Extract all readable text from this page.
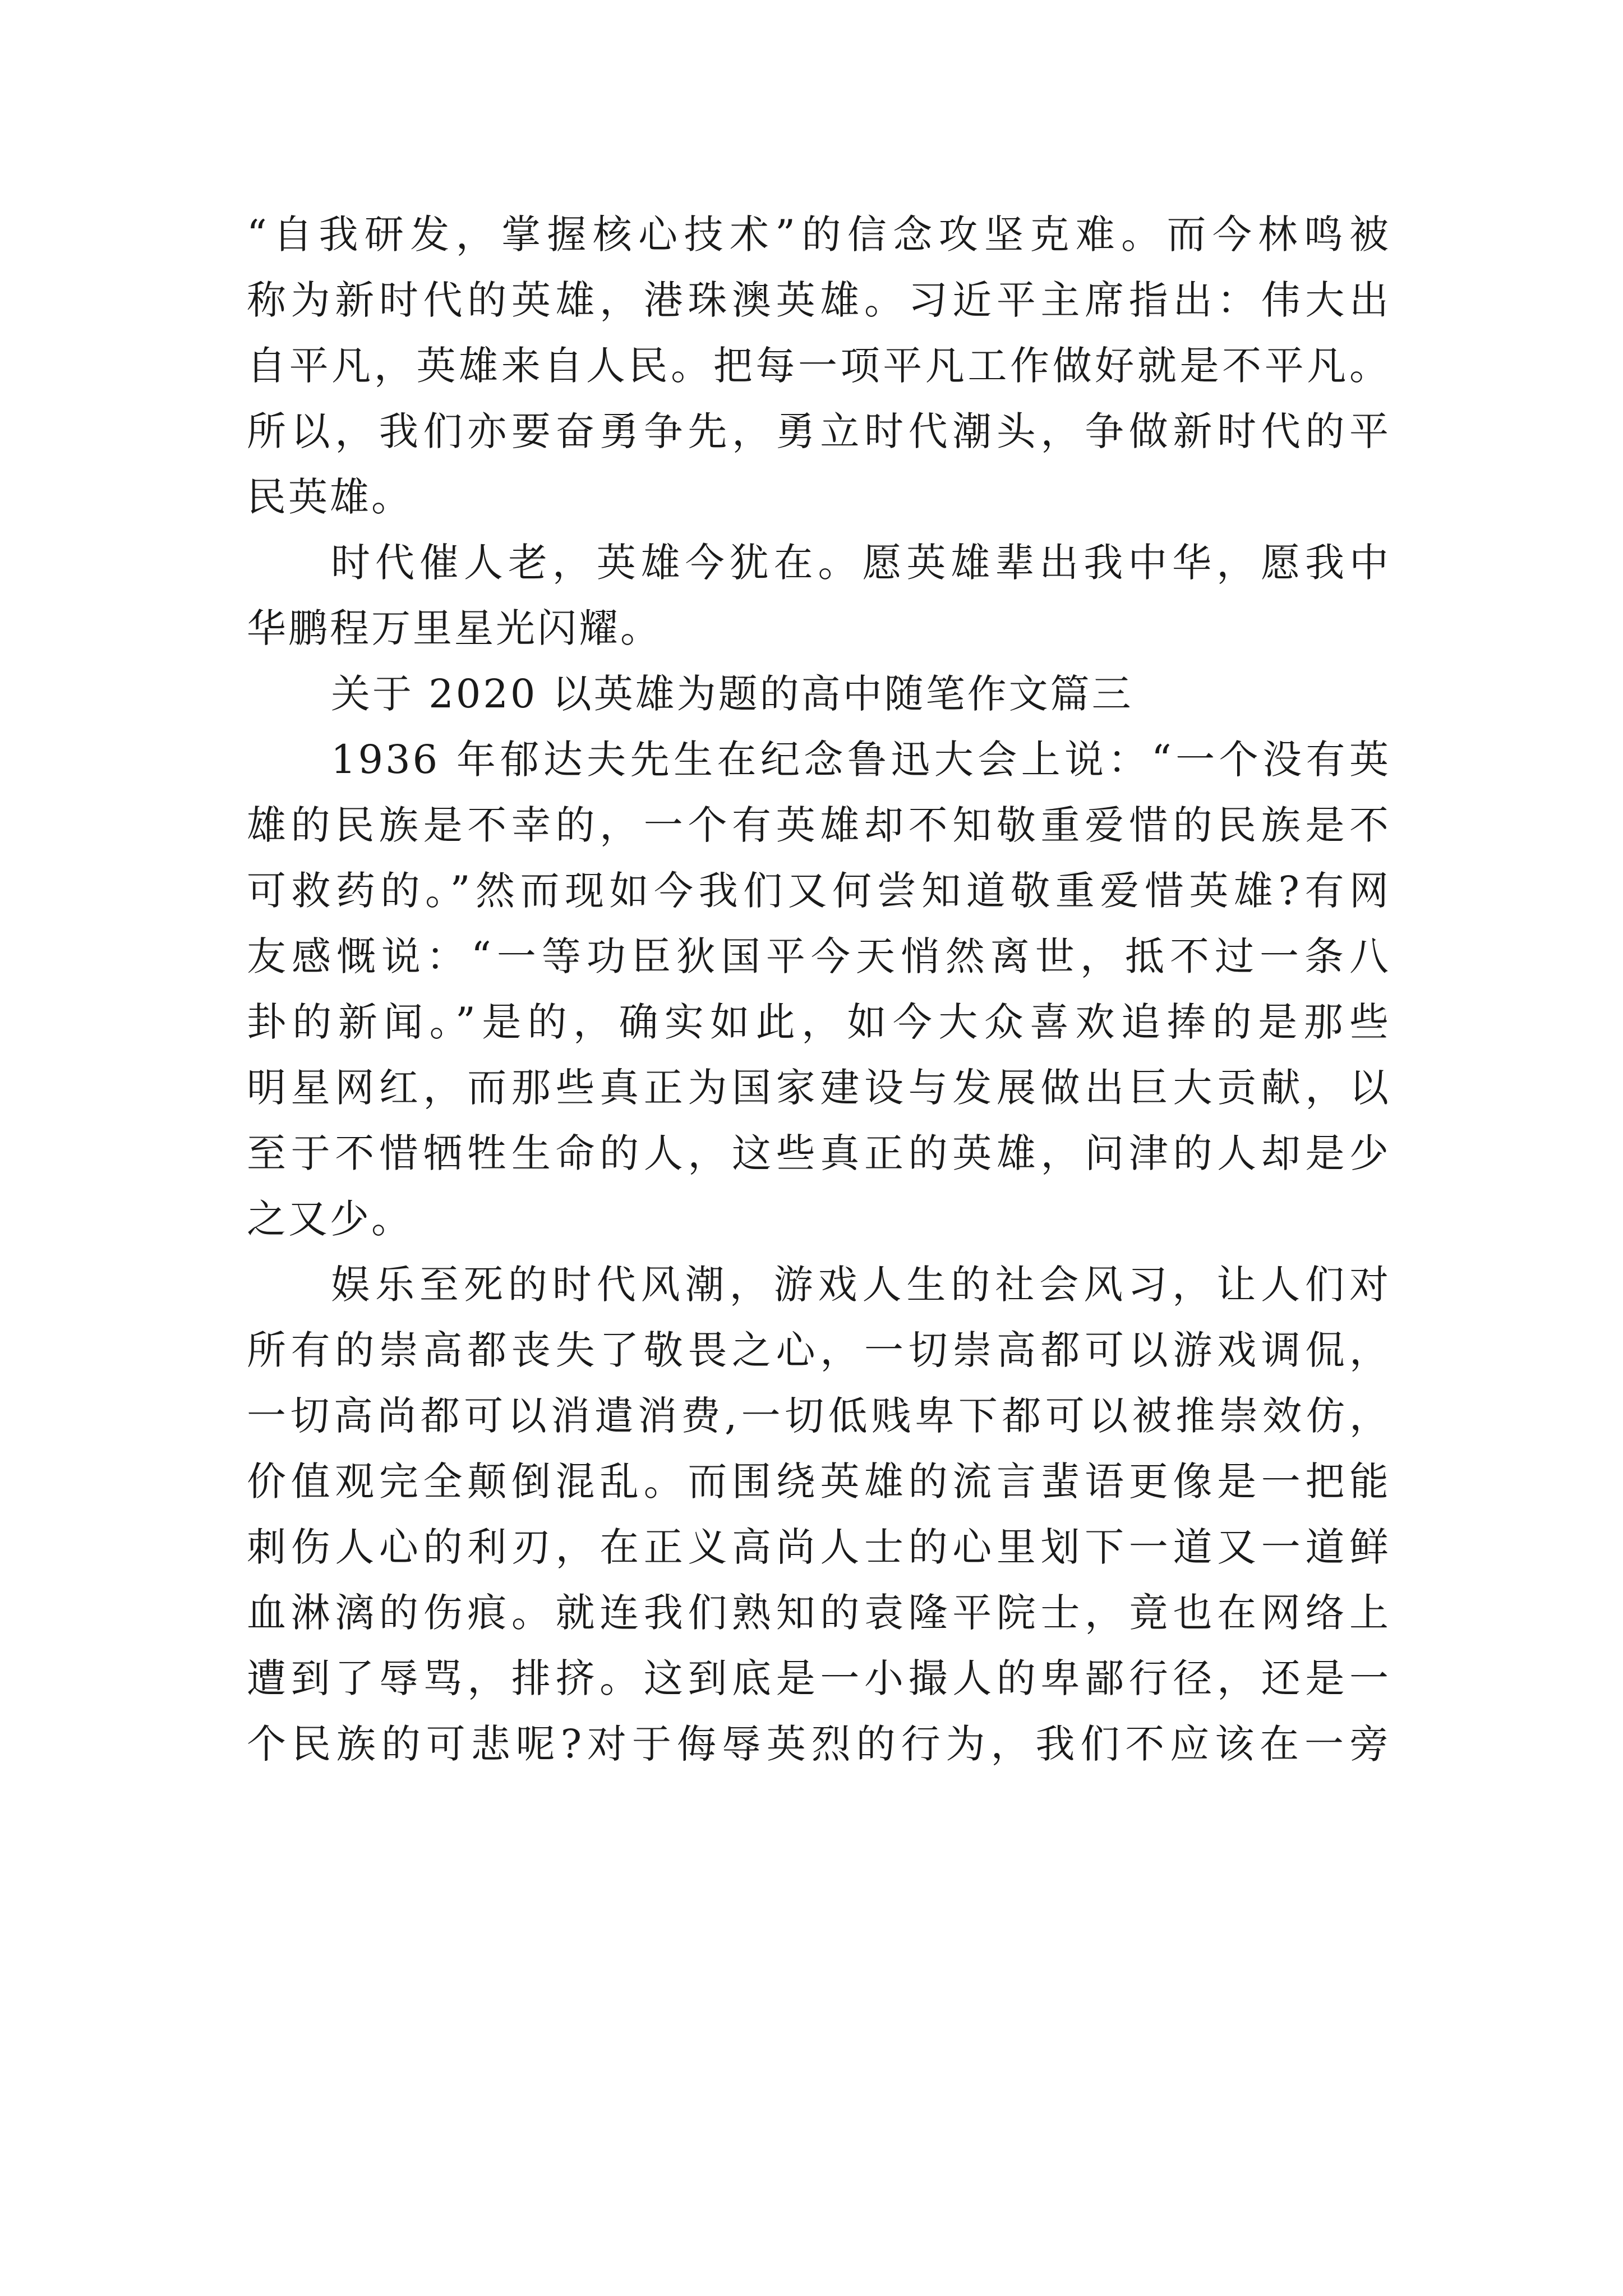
“自我研发，掌握核心技术”的信念攻坚克难。而今林鸣被
称为新时代的英雄，港珠澳英雄。习近平主席指出：伟大出
自平凡，英雄来自人民。把每一项平凡工作做好就是不平凡。
所以，我们亦要奋勇争先，勇立时代潮头，争做新时代的平
民英雄。
时代催人老，英雄今犹在。愿英雄辈出我中华，愿我中
华鹏程万里星光闪耀。
关于 2020 以英雄为题的高中随笔作文篇三
1936 年郁达夫先生在纪念鲁迅大会上说：“一个没有英
雄的民族是不幸的，一个有英雄却不知敬重爱惜的民族是不
可救药的。”然而现如今我们又何尝知道敬重爱惜英雄?有网
友感慨说：“一等功臣狄国平今天悄然离世，抵不过一条八
卦的新闻。”是的，确实如此，如今大众喜欢追捧的是那些
明星网红，而那些真正为国家建设与发展做出巨大贡献，以
至于不惜牺牲生命的人，这些真正的英雄，问津的人却是少
之又少。
娱乐至死的时代风潮，游戏人生的社会风习，让人们对
所有的崇高都丧失了敬畏之心，一切崇高都可以游戏调侃，
一切高尚都可以消遣消费,一切低贱卑下都可以被推崇效仿，
价值观完全颠倒混乱。而围绕英雄的流言蜚语更像是一把能
刺伤人心的利刃，在正义高尚人士的心里划下一道又一道鲜
血淋漓的伤痕。就连我们熟知的袁隆平院士，竟也在网络上
遭到了辱骂，排挤。这到底是一小撮人的卑鄙行径，还是一
个民族的可悲呢?对于侮辱英烈的行为，我们不应该在一旁
